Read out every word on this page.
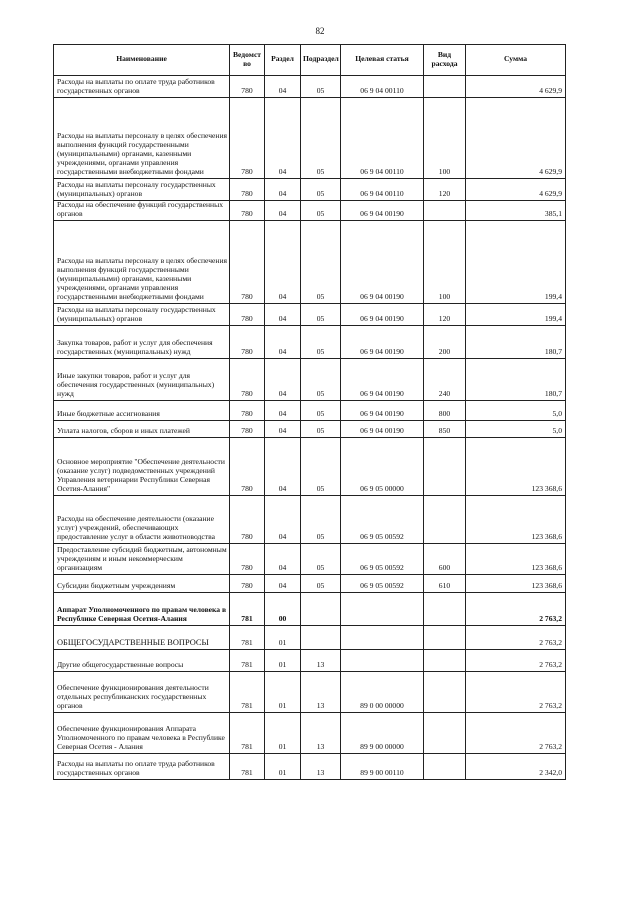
82
Наименование	Ведомст во	Раздел	Подраздел	Целевая статья	Вид расхода	Сумма
Расходы на выплаты по оплате труда работников государственных органов	780	04	05	06 9 04 00110		4 629,9
Расходы на выплаты персоналу в целях обеспечения выполнения функций государственными (муниципальными) органами, казенными учреждениями, органами управления государственными внебюджетными фондами	780	04	05	06 9 04 00110	100	4 629,9
Расходы на выплаты персоналу государственных (муниципальных) органов	780	04	05	06 9 04 00110	120	4 629,9
Расходы на обеспечение функций государственных органов	780	04	05	06 9 04 00190		385,1
Расходы на выплаты персоналу в целях обеспечения выполнения функций государственными (муниципальными) органами, казенными учреждениями, органами управления государственными внебюджетными фондами	780	04	05	06 9 04 00190	100	199,4
Расходы на выплаты персоналу государственных (муниципальных) органов	780	04	05	06 9 04 00190	120	199,4
Закупка товаров, работ и услуг для обеспечения государственных (муниципальных) нужд	780	04	05	06 9 04 00190	200	180,7
Иные закупки товаров, работ и услуг для обеспечения государственных (муниципальных) нужд	780	04	05	06 9 04 00190	240	180,7
Иные бюджетные ассигнования	780	04	05	06 9 04 00190	800	5,0
Уплата налогов, сборов и иных платежей	780	04	05	06 9 04 00190	850	5,0
Основное мероприятие "Обеспечение деятельности (оказание услуг) подведомственных учреждений Управления ветеринарии Республики Северная Осетия-Алания"	780	04	05	06 9 05 00000		123 368,6
Расходы на обеспечение деятельности (оказание услуг) учреждений, обеспечивающих предоставление услуг в области животноводства	780	04	05	06 9 05 00592		123 368,6
Предоставление субсидий бюджетным, автономным учреждениям и иным некоммерческим организациям	780	04	05	06 9 05 00592	600	123 368,6
Субсидии бюджетным учреждениям	780	04	05	06 9 05 00592	610	123 368,6
Аппарат Уполномоченного по правам человека в Республике Северная Осетия-Алания	781	00				2 763,2
ОБЩЕГОСУДАРСТВЕННЫЕ ВОПРОСЫ	781	01				2 763,2
Другие общегосударственные вопросы	781	01	13			2 763,2
Обеспечение функционирования деятельности отдельных республиканских государственных органов	781	01	13	89 0 00 00000		2 763,2
Обеспечение функционирования Аппарата Уполномоченного по правам человека в Республике Северная Осетия - Алания	781	01	13	89 9 00 00000		2 763,2
Расходы на выплаты по оплате труда работников государственных органов	781	01	13	89 9 00 00110		2 342,0
